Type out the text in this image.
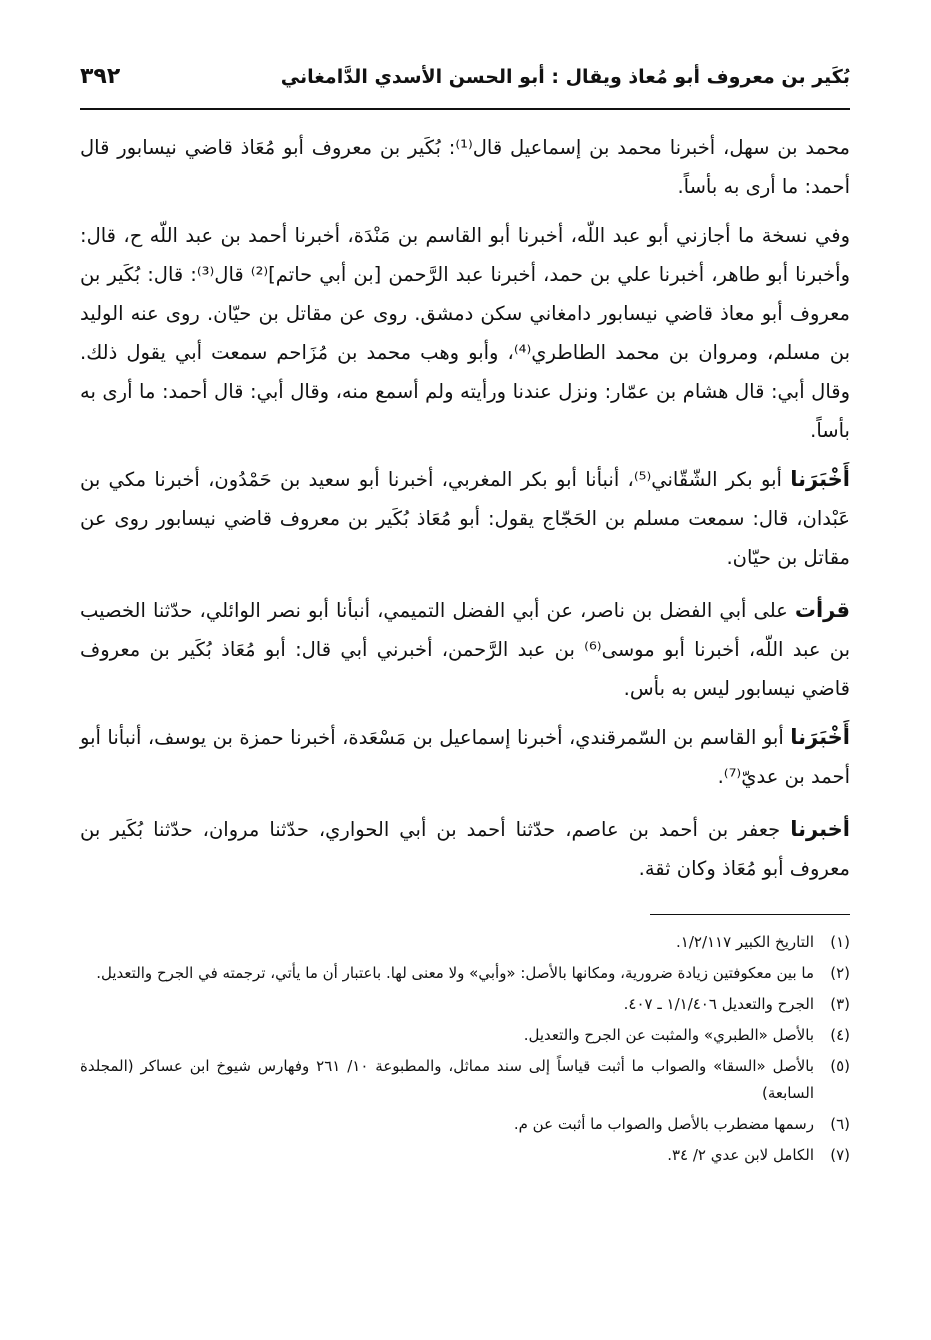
بُكَير بن معروف أبو مُعاذ ويقال : أبو الحسن الأسدي الدَّامغاني
٣٩٢

محمد بن سهل، أخبرنا محمد بن إسماعيل قال⁽¹⁾: بُكَير بن معروف أبو مُعَاذ قاضي نيسابور قال أحمد: ما أرى به بأساً.

وفي نسخة ما أجازني أبو عبد اللّه، أخبرنا أبو القاسم بن مَنْدَة، أخبرنا أحمد بن عبد اللّه ح، قال: وأخبرنا أبو طاهر، أخبرنا علي بن حمد، أخبرنا عبد الرَّحمن [بن أبي حاتم]⁽²⁾ قال⁽³⁾: قال: بُكَير بن معروف أبو معاذ قاضي نيسابور دامغاني سكن دمشق. روى عن مقاتل بن حيّان. روى عنه الوليد بن مسلم، ومروان بن محمد الطاطري⁽⁴⁾، وأبو وهب محمد بن مُزَاحم سمعت أبي يقول ذلك. وقال أبي: قال هشام بن عمّار: ونزل عندنا ورأيته ولم أسمع منه، وقال أبي: قال أحمد: ما أرى به بأساً.

أَخْبَرَنا أبو بكر الشّقّاني⁽⁵⁾، أنبأنا أبو بكر المغربي، أخبرنا أبو سعيد بن حَمْدُون، أخبرنا مكي بن عَبْدان، قال: سمعت مسلم بن الحَجّاج يقول: أبو مُعَاذ بُكَير بن معروف قاضي نيسابور روى عن مقاتل بن حيّان.

قرأت على أبي الفضل بن ناصر، عن أبي الفضل التميمي، أنبأنا أبو نصر الوائلي، حدّثنا الخصيب بن عبد اللّه، أخبرنا أبو موسى⁽⁶⁾ بن عبد الرَّحمن، أخبرني أبي قال: أبو مُعَاذ بُكَير بن معروف قاضي نيسابور ليس به بأس.

أَخْبَرَنا أبو القاسم بن السّمرقندي، أخبرنا إسماعيل بن مَسْعَدة، أخبرنا حمزة بن يوسف، أنبأنا أبو أحمد بن عديّ⁽⁷⁾.

أخبرنا جعفر بن أحمد بن عاصم، حدّثنا أحمد بن أبي الحواري، حدّثنا مروان، حدّثنا بُكَير بن معروف أبو مُعَاذ وكان ثقة.

(١)
التاريخ الكبير ١/٢/١١٧.
(٢)
ما بين معكوفتين زيادة ضرورية، ومكانها بالأصل: «وأبي» ولا معنى لها. باعتبار أن ما يأتي، ترجمته في الجرح والتعديل.
(٣)
الجرح والتعديل ١/١/٤٠٦ ـ ٤٠٧.
(٤)
بالأصل «الطبري» والمثبت عن الجرح والتعديل.
(٥)
بالأصل «السقا» والصواب ما أثبت قياساً إلى سند مماثل، والمطبوعة ١٠/ ٢٦١ وفهارس شيوخ ابن عساكر (المجلدة السابعة)
(٦)
رسمها مضطرب بالأصل والصواب ما أثبت عن م.
(٧)
الكامل لابن عدي ٢/ ٣٤.
